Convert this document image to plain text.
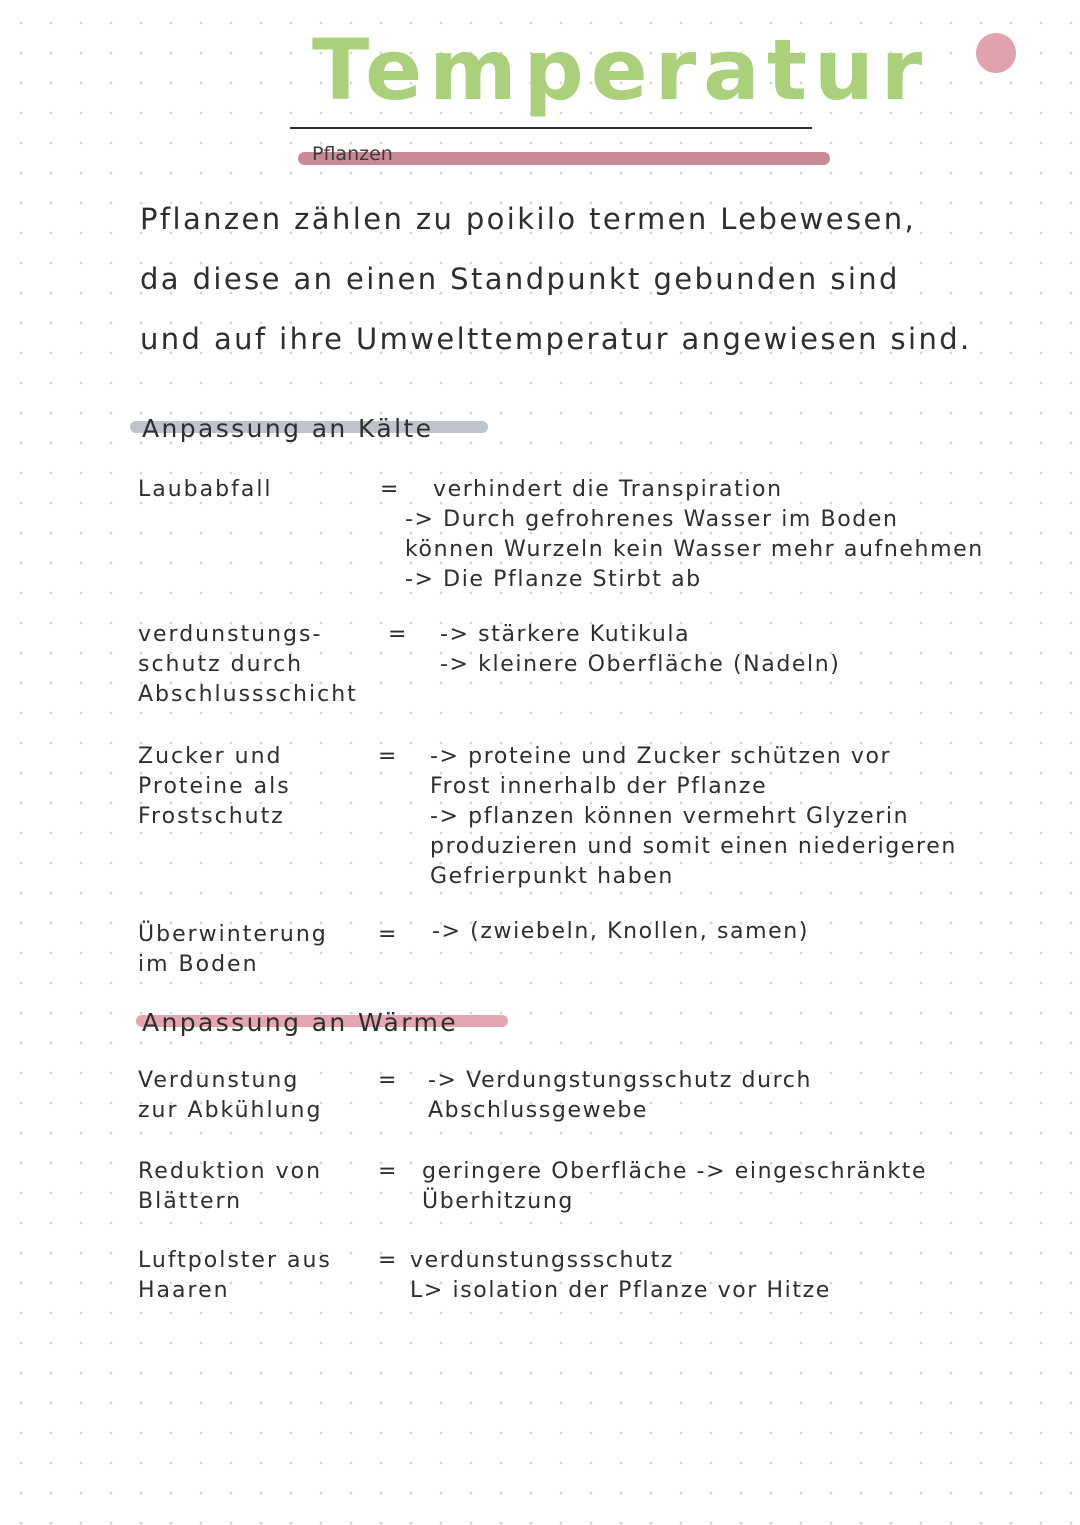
Temperatur
Pflanzen
Pflanzen zählen zu poikilo termen Lebewesen,
da diese an einen Standpunkt gebunden sind
und auf ihre Umwelttemperatur angewiesen sind.
Anpassung an Kälte
Laubabfall	=	verhindert die Transpiration
-> Durch gefrohrenes Wasser im Boden
können Wurzeln kein Wasser mehr aufnehmen
-> Die Pflanze Stirbt ab
verdunstungs-
schutz durch
Abschlussschicht
= -> stärkere Kutikula
-> kleinere Oberfläche (Nadeln)
Zucker und
Proteine als
Frostschutz
= -> proteine und Zucker schützen vor
Frost innerhalb der Pflanze
-> pflanzen können vermehrt Glyzerin
produzieren und somit einen niederigeren
Gefrierpunkt haben
Überwinterung
im Boden
= -> (zwiebeln, Knollen, samen)
Anpassung an Wärme
Verdunstung
zur Abkühlung
= -> Verdungstungsschutz durch
Abschlussgewebe
Reduktion von
Blättern
= geringere Oberfläche -> eingeschränkte
Überhitzung
Luftpolster aus
Haaren
= verdunstungssschutz
L> isolation der Pflanze vor Hitze
